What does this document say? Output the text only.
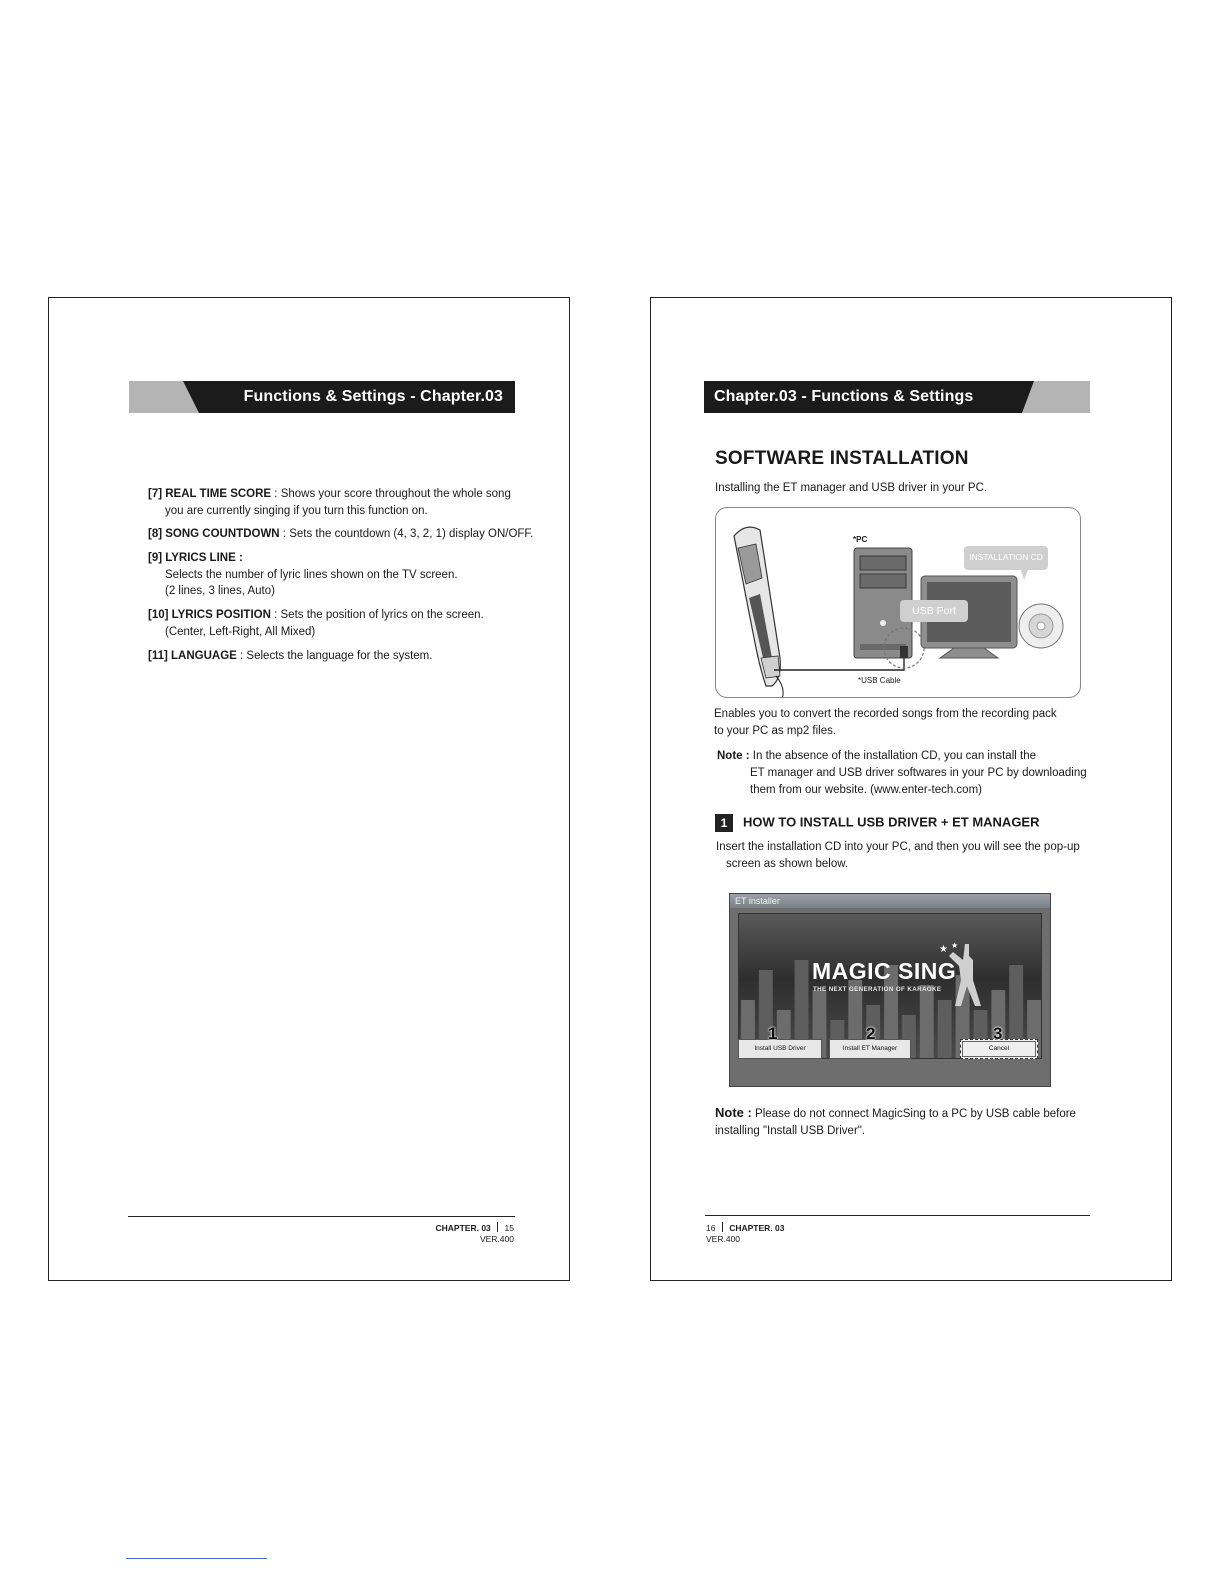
Functions & Settings - Chapter.03
[7] REAL TIME SCORE : Shows your score throughout the whole song
you are currently singing if you turn this function on.
[8] SONG COUNTDOWN : Sets the countdown (4, 3, 2, 1) display ON/OFF.
[9] LYRICS LINE :
Selects the number of lyric lines shown on the TV screen.
(2 lines, 3 lines, Auto)
[10] LYRICS POSITION : Sets the position of lyrics on the screen.
(Center, Left-Right, All Mixed)
[11] LANGUAGE : Selects the language for the system.
CHAPTER. 03 15
VER.400
Chapter.03 - Functions & Settings
SOFTWARE INSTALLATION
Installing the ET manager and USB driver in your PC.
*PC
INSTALLATION CD
USB Port
*USB Cable
Enables you to convert the recorded songs from the recording pack
to your PC as mp2 files.
Note : In the absence of the installation CD, you can install the
ET manager and USB driver softwares in your PC by downloading
them from our website. (www.enter-tech.com)
1 HOW TO INSTALL USB DRIVER + ET MANAGER
Insert the installation CD into your PC, and then you will see the pop-up
screen as shown below.
ET installer
★ ★
MAGIC SING
THE NEXT GENERATION OF KARAOKE
Install USB Driver	Install ET Manager	Cancel
1	2	3
Note : Please do not connect MagicSing to a PC by USB cable before
installing "Install USB Driver".
16 CHAPTER. 03
VER.400
